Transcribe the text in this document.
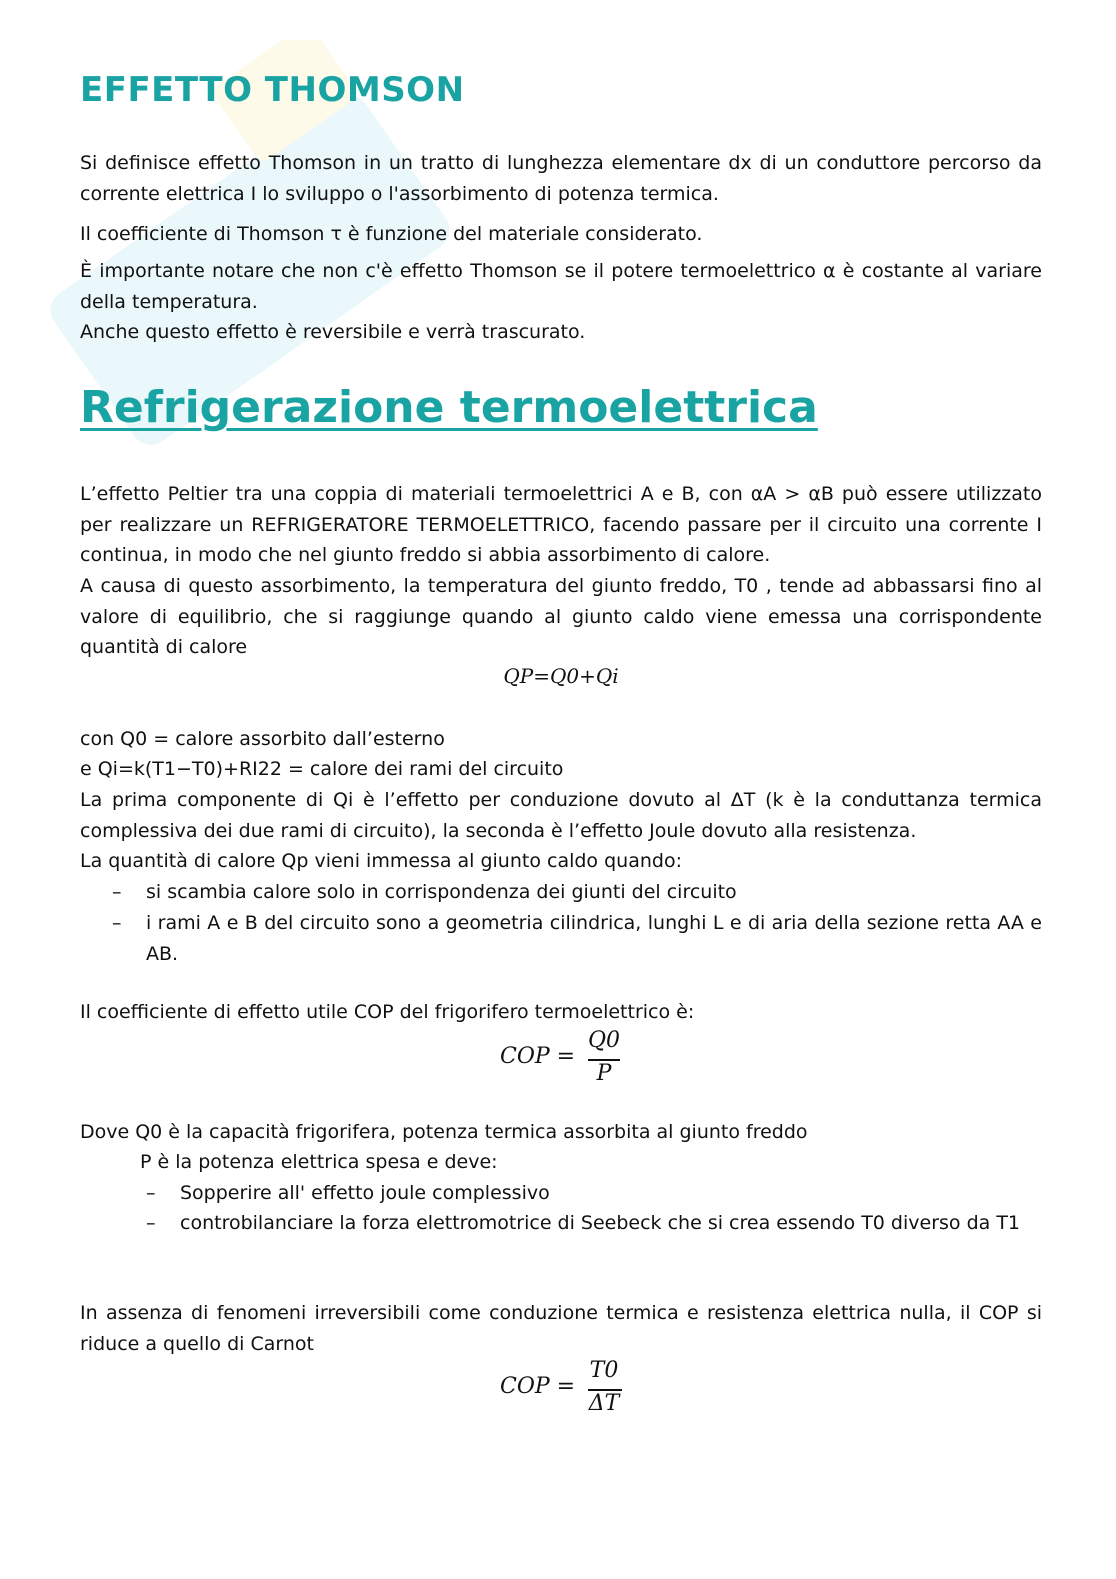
EFFETTO THOMSON

Si definisce effetto Thomson in un tratto di lunghezza elementare dx di un conduttore percorso da corrente elettrica I lo sviluppo o l'assorbimento di potenza termica.

Il coefficiente di Thomson τ è funzione del materiale considerato.

È importante notare che non c'è effetto Thomson se il potere termoelettrico α è costante al variare della temperatura.

Anche questo effetto è reversibile e verrà trascurato.

Refrigerazione termoelettrica

L’effetto Peltier tra una coppia di materiali termoelettrici A e B, con αA > αB può essere utilizzato per realizzare un REFRIGERATORE TERMOELETTRICO, facendo passare per il circuito una corrente I continua, in modo che nel giunto freddo si abbia assorbimento di calore.

A causa di questo assorbimento, la temperatura del giunto freddo, T0 , tende ad abbassarsi fino al valore di equilibrio, che si raggiunge quando al giunto caldo viene emessa una corrispondente quantità di calore

QP=Q0+Qi

con Q0 = calore assorbito dall’esterno

e Qi=k(T1−T0)+RI22 = calore dei rami del circuito

La prima componente di Qi è l’effetto per conduzione dovuto al ΔT (k è la conduttanza termica complessiva dei due rami di circuito), la seconda è l’effetto Joule dovuto alla resistenza.

La quantità di calore Qp vieni immessa al giunto caldo quando:

– si scambia calore solo in corrispondenza dei giunti del circuito

– i rami A e B del circuito sono a geometria cilindrica, lunghi L e di aria della sezione retta AA e AB.

Il coefficiente di effetto utile COP del frigorifero termoelettrico è:

COP =
Q0
P

Dove Q0 è la capacità frigorifera, potenza termica assorbita al giunto freddo

P è la potenza elettrica spesa e deve:

– Sopperire all' effetto joule complessivo

– controbilanciare la forza elettromotrice di Seebeck che si crea essendo T0 diverso da T1

In assenza di fenomeni irreversibili come conduzione termica e resistenza elettrica nulla, il COP si riduce a quello di Carnot

COP =
T0
ΔT
